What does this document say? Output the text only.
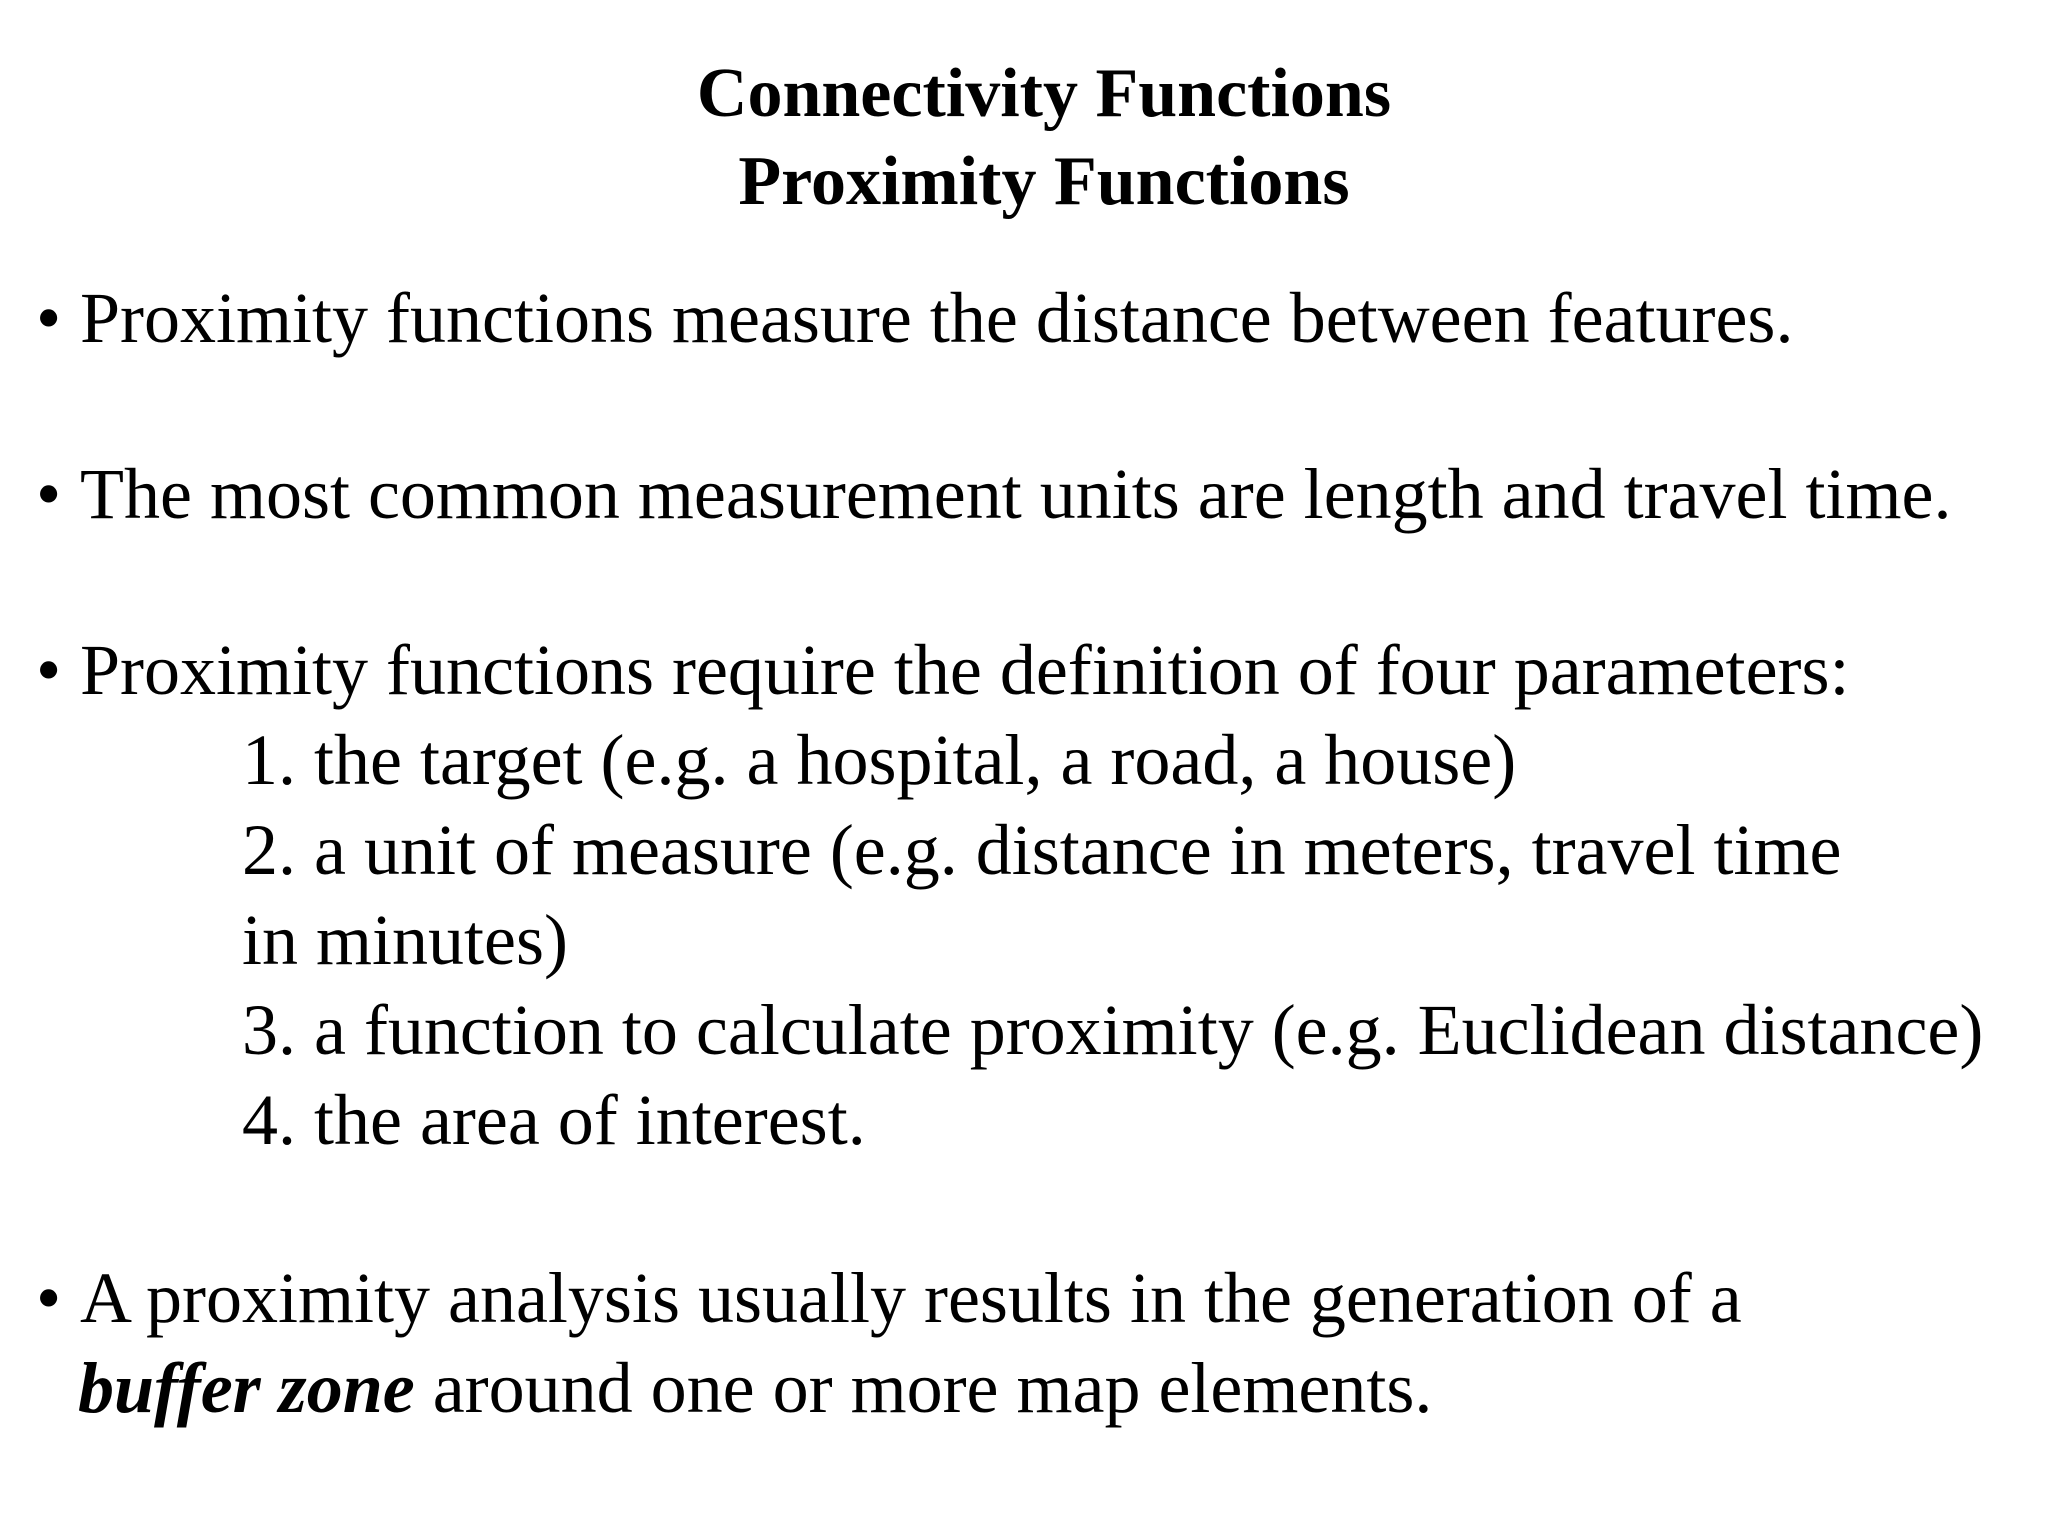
Connectivity Functions
Proximity Functions
• Proximity functions measure the distance between features.
• The most common measurement units are length and travel time.
• Proximity functions require the definition of four parameters:
1. the target (e.g. a hospital, a road, a house)
2. a unit of measure (e.g. distance in meters, travel time
in minutes)
3. a function to calculate proximity (e.g. Euclidean distance)
4. the area of interest.
• A proximity analysis usually results in the generation of a
buffer zone around one or more map elements.
